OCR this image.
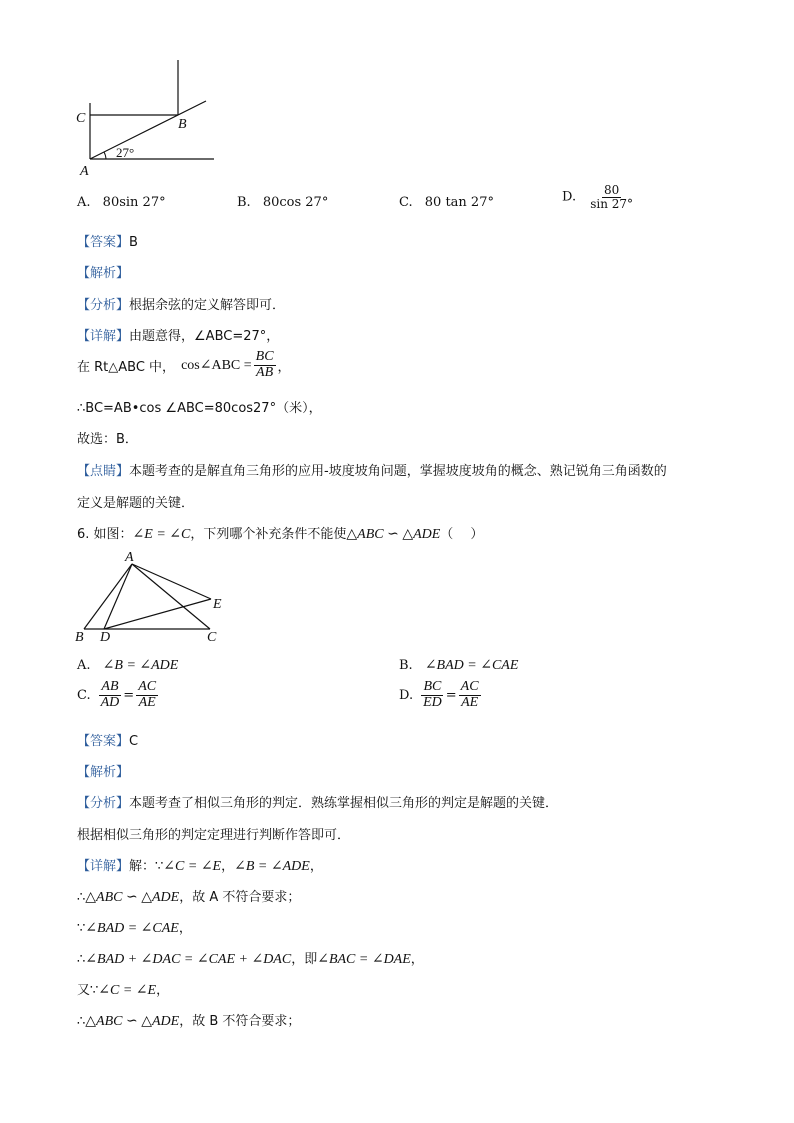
C	B
A
27°
A. 80sin 27°	B. 80cos 27°	C. 80 tan 27°	D. $\frac{80}{\sin 27^\circ}$
【答案】B
【解析】
【分析】根据余弦的定义解答即可．
【详解】由题意得，∠ABC=27°，
在 Rt△ABC 中， cos∠ABC = $\frac{BC}{AB}$ ，
∴BC=AB•cos ∠ABC=80cos27°（米），
故选：B．
【点睛】本题考查的是解直角三角形的应用-坡度坡角问题，掌握坡度坡角的概念、熟记锐角三角函数的
定义是解题的关键．
6. 如图：∠E = ∠C，下列哪个补充条件不能使△ABC ∽ △ADE（　 ）
A
B D	C
E
A. ∠B = ∠ADE	B. ∠BAD = ∠CAE
C. $\frac{AB}{AD} = \frac{AC}{AE}$	D. $\frac{BC}{ED} = \frac{AC}{AE}$
【答案】C
【解析】
【分析】本题考查了相似三角形的判定．熟练掌握相似三角形的判定是解题的关键．
根据相似三角形的判定定理进行判断作答即可．
【详解】解：∵∠C = ∠E，∠B = ∠ADE，
∴△ABC ∽ △ADE，故 A 不符合要求；
∵∠BAD = ∠CAE，
∴∠BAD + ∠DAC = ∠CAE + ∠DAC，即∠BAC = ∠DAE，
又∵∠C = ∠E，
∴△ABC ∽ △ADE，故 B 不符合要求；
